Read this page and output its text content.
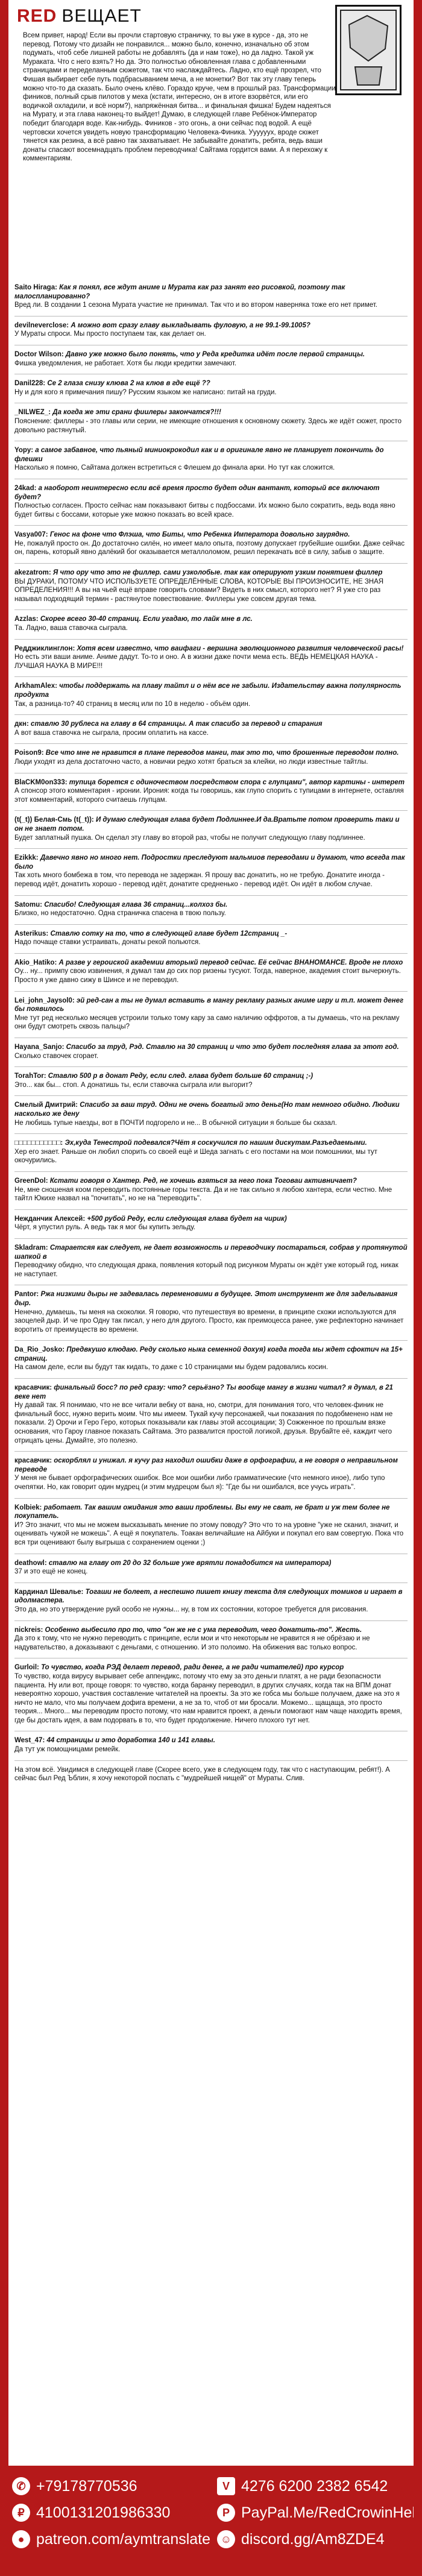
RED ВЕЩАЕТ
Всем привет, народ! Если вы прочли стартовую страничку, то вы уже в курсе - да, это не перевод. Потому что дизайн не понравился... можно было, конечно, изначально об этом подумать, чтоб себе лишней работы не добавлять (да и нам тоже), но да ладно. Такой уж Мураката. Что с него взять? Но да. Это полностью обновленная глава с добавленными страницами и переделанным сюжетом, так что наслаждайтесь. Ладно, кто ещё прозрел, что Фишая выбирает себе путь подбрасыванием меча, а не монетки? Вот так эту главу теперь можно что-то да сказать. Было очень клёво. Гораздо круче, чем в прошлый раз. Трансформации фиников, полный срыв пилотов у меха (кстати, интересно, он в итоге взорвётся, или его водичкой охладили, и всё норм?), напряжённая битва... и финальная фишка! Будем надеяться на Мурату, и эта глава наконец-то выйдет! Думаю, в следующей главе Ребёнок-Император победит благодаря воде. Как-нибудь. Фиников - это огонь, а они сейчас под водой. А ещё чертовски хочется увидеть новую трансформацию Человека-Финика. Уууууух, вроде сюжет тянется как резина, а всё равно так захватывает. Не забывайте донатить, ребята, ведь ваши донаты спасают восемнадцать проблем переводчика! Сайтама гордится вами. А я перехожу к комментариям.
Saito Hiraga: Как я понял, все ждут аниме и Мурата как раз занят его рисовкой, поэтому так малоспланированно?
Вред ли. В создании 1 сезона Мурата участие не принимал. Так что и во втором наверняка тоже его нет примет.
devilneverclose: А можно вот сразу главу выкладывать фуловую, а не 99.1-99.1005?
У Мураты спроси. Мы просто поступаем так, как делает он.
Doctor Wilson: Давно уже можно было понять, что у Реда кредитка идёт после первой страницы.
Фишка уведомления, не работает. Хотя бы люди кредитки замечают.
Danil228: Се 2 глаза снизу клюва 2 на клюв в где ещё ??
Ну и для кого я примечания пишу? Русским языком же написано: питай на груди.
_NILWEZ_: Да когда же эти срани фиилеры закончатся?!!!
Пояснение: филлеры - это главы или серии, не имеющие отношения к основному сюжету. Здесь же идёт сюжет, просто довольно растянутый.
Yopy: а самое забавное, что пьяный миниокрокодил как и в оригинале явно не планирует покончить до флешки
Насколько я помню, Сайтама должен встретиться с Флешем до финала арки. Но тут как сложится.
24kad: а наоборот неинтересно если всё время просто будет один вантант, который все включают будет?
Полностью согласен. Просто сейчас нам показывают битвы с подбоссами. Их можно было сократить, ведь вода явно будет битвы с боссами, которые уже можно показать во всей красе.
Vasya007: Генос на фоне что Флэша, что Биты, что Ребенка Императора довольно заурядно.
Не, пожалуй просто он. До достаточно силён, но имеет мало опыта, поэтому допускает грубейшие ошибки. Даже сейчас он, парень, который явно далёкий бог оказывается металлоломом, решил перекачать всё в силу, забыв о защите.
akezatrom: Я что ору что это не филлер. сами узколобые. так как оперируют узким понятием филлер
ВЫ ДУРАКИ, ПОТОМУ ЧТО ИСПОЛЬЗУЕТЕ ОПРЕДЕЛЁННЫЕ СЛОВА, КОТОРЫЕ ВЫ ПРОИЗНОСИТЕ, НЕ ЗНАЯ ОПРЕДЕЛЕНИЯ!!! А вы на чьей ещё вправе говорить словами? Видеть в них смысл, которого нет? Я уже сто раз называл подходящий термин - растянутое повествование. Филлеры уже совсем другая тема.
Azzlas: Скорее всего 30-40 страниц. Если угадаю, то лайк мне в лс.
Та. Ладно, ваша ставочка сыграла.
Редджиклинглон: Хотя всем известно, что ваифаги - вершина эволюционного развития человеческой расы!
Но есть эти ваши аниме. Аниме дадут. То-то и оно. А в жизни даже почти мема есть. ВЕДЬ НЕМЕЦКАЯ НАУКА - ЛУЧШАЯ НАУКА В МИРЕ!!!
ArkhamAlex: чтобы поддержать на плаву тайтл и о нём все не забыли. Издательству важна популярность продукта
Так, а разница-то? 40 страниц в месяц или по 10 в неделю - объём один.
дкн: ставлю 30 рублеса на главу в 64 страницы. А так спасибо за перевод и старания
А вот ваша ставочка не сыграла, просим оплатить на кассе.
Poison9: Все что мне не нравится в плане переводов манги, так это то, что брошенные переводом полно.
Люди уходят из дела достаточно часто, а новички редко хотят браться за клейки, но люди известные тайтлы.
BlaCKM0on333: тупица борется с одиночеством посредством спора с глупцами", автор картины - интерет
А спонсор этого комментария - иронии. Ирония: когда ты говоришь, как глупо спорить с тупицами в интернете, оставляя этот комментарий, которого считаешь глупцам.
(t(_t)) Белая-Смь (t(_t)): И думаю следующая глава будет Подлиннее.И да.Вратьте потом проверить таки и он не знает потом.
Будет заплатный пушка. Он сделал эту главу во второй раз, чтобы не получит следующую главу подлиннее.
Ezikkk: Давечно явно но много нет. Подростки преследуют мальмиов переводами и думают, что всегда так было
Так хоть много бомбежа в том, что перевода не задержан. Я прошу вас донатить, но не требую. Донатите иногда - перевод идёт, донатить хорошо - перевод идёт, донатите средненько - перевод идёт. Он идёт в любом случае.
Satomu: Спасибо! Следующая глава 36 страниц...колхоз бы.
Близко, но недостаточно. Одна страничка спасена в твою пользу.
Asterikus: Ставлю сотку на то, что в следующей главе будет 12страниц _-
Надо почаще ставки устраивать, донаты рекой польются.
Akio_Hatiko: А разве у героиской академии вторыкй перевод сейчас. Её сейчас ВНАНОМАНСЕ. Вроде не плохо
Оу... ну... примпу свою извинения, я думал там до сих пор ризены тусуют. Тогда, наверное, академия стоит вычеркнуть. Просто я уже давно сижу в Шинсе и не переводил.
Lei_john_Jaysol0: эй ред-сан а ты не думал вставить в мангу рекламу разных аниме игру и т.п. может денег бы появилось
Мне тут ред несколько месяцев устроили только тому кару за само наличию оффротов, а ты думаешь, что на рекламу они будут смотреть сквозь пальцы?
Hayana_Sanjo: Спасибо за труд, Рэд. Ставлю на 30 страниц и что это будет последняя глава за этот год.
Сколько ставочек сгорает.
TorahTor: Ставлю 500 р в донат Реду, если след. глава будет больше 60 страниц ;-)
Это... как бы... стоп. А донатишь ты, если ставочка сыграла или выгорит?
Смелый Дмитрий: Спасибо за ваш труд. Одни не очень богатый это деньг(Но там немного обидно. Людики насколько же дену
Не любишь тупые наезды, вот в ПОЧТИ подгорело и не... В обычной ситуации я больше бы сказал.
□□□□□□□□□□□: Эх,куда Тенестрой подевался?Чёт я соскучился по нашим дискутам.Разъедаемыми.
Хер его знает. Раньше он любил спорить со своей ещё и Шеда загнать с его постами на мои помошники, мы тут окочурились.
GreenDol: Кстати говоря о Хантер. Ред, не хочешь взяться за него пока Тоговаи активничает?
Не, мне сношеная коом переводить постоянные горы текста. Да и не так сильно я любою хантера, если честно. Мне тайтл Юкихе назвал на "почитать", но не на "переводить".
Нежданчик Алексей: +500 рубой Реду, если следующая глава будет на чирик)
Чёрт, я упустил руль. А ведь так я мог бы купить зельду.
Skladram: Стараетсяя как следует, не дает возможность и переводчику постараться, собрав у протянутой шапкой в
Переводчику обидно, что следующая драка, появления который под рисунком Мураты он ждёт уже который год, никак не наступает.
Pantor: Ржа низкими дыры не задевалась переменовими в будущее. Этот инструмент же для заделывания дыр.
Ненечно, думаешь, ты меня на скоколки. Я говорю, что путешествуя во времени, в принципе схожи используются для заоцелей дыр. И че про Одну так писал, у него для другого. Просто, как преимоцесса ранее, уже рефлекторно начинает воротить от преимуществ во времени.
Da_Rio_Josko: Предвкушо клюдаю. Реду сколько ныка семенной дохуя) когда тогда мы ждет сфоктич на 15+ страниц.
На самом деле, если вы будут так кидать, то даже с 10 страницами мы будем радовались косин.
красавчик: финальный босс? по ред сразу: что? серьёзно? Ты вообще мангу в жизни читал? я думал, в 21 веке нет
Ну давай так. Я понимаю, что не все читали вебку от ванa, но, смотри, для понимания того, что человек-финик не финальный босс, нужно верить моим. Что мы имеем. Тукай кучу персонажей, чьи показания по подобменено нам не показали. 2) Орочи и Геро Геро, которых показывали как главы этой ассоциации; 3) Сожженное по прошлым вязке основания, что Гароу главное показать Сайтама. Это развалится простой логикой, друзья. Врубайте её, каждит чего отрицать цены. Думайте, это полезно.
красавчик: оскорблял и унижал. я кучу раз находил ошибки даже в орфографии, а не говоря о неправильном переводе
У меня не бывает орфографических ошибок. Все мои ошибки либо грамматические (что немного иное), либо тупо очепятки. Но, как говорит один мудрец (и этим мудрецом был я): "Где бы ни ошибался, все учусь играть".
Kolbiek: работает. Так вашим ожидания это ваши проблемы. Вы ему не сват, не брат и уж тем более не покупатель.
И? Это значит, что мы не можем высказывать мнение по этому поводу? Это что то на уровне "уже не сканил, значит, и оценивать чужой не можешь". А ещё я покупатель. Тоакан величайшие на Айбуки и покупал его вам совертую. Пока что вся три оценивают былу выгрыша с сохранением оценки ;)
deathowl: ставлю на главу от 20 до 32 больше уже врятли понадобится на императора)
37 и это ещё не конец.
Кардинал Шевалье: Тогаши не болеет, а неспешно пишет книгу текста для следующих томиков и играет в идолмастера.
Это да, но это утверждение рукй особо не нужны... ну, в том их состоянии, которое требуется для рисования.
nickreis: Особенно выбесило про то, что "он же не с ума переводит, чего донатить-то". Жесть.
Да это к тому, что не нужно переводить с принципе, если мои и что некоторым не нравится я не обрёзаю и не надувательство, а доказывают с деньгами, с отношению. И это полоимо. На обижения вас только вопрос.
Gurloil: То чувство, когда РЭД делает перевод, ради денег, а не ради читателей) про курсор
То чувство, когда вирусу вырывает себе аппендикс, потому что ему за это деньги платят, а не ради безопасности пациента. Ну или вот, проще говоря: то чувство, когда баранку переводил, в других случаях, когда так на ВПМ донат невероятно хорошо, участвия составление читателей на проекты. За это же гобса мы больше получаем, даже на это я ничто не мало, что мы получаем дофига времени, а не за то, чтоб от ми бросали. Можемо... щащаща, это просто теория... Много... мы переводим просто потому, что нам нравится проект, а деньги помогают нам чаще находить время, где бы достать идея, а вам подорвать в то, что будет продолжение. Ничего плохого тут нет.
West_47: 44 страницы и это доработка 140 и 141 главы.
Да тут уж помощницами ремейк.
На этом всё. Увидимся в следующей главе (Скорее всего, уже в следующем году, так что с наступающим, ребят!). А сейчас был Ред Ъблин, я хочу некоторой поспать с "мудрейшей нищей" от Мураты. Слив.
✆ +79178770536	V 4276 6200 2382 6542
₽ 4100131201986330	P PayPal.Me/RedCrowinHell
● patreon.com/aymtranslate ☺ discord.gg/Am8ZDE4
